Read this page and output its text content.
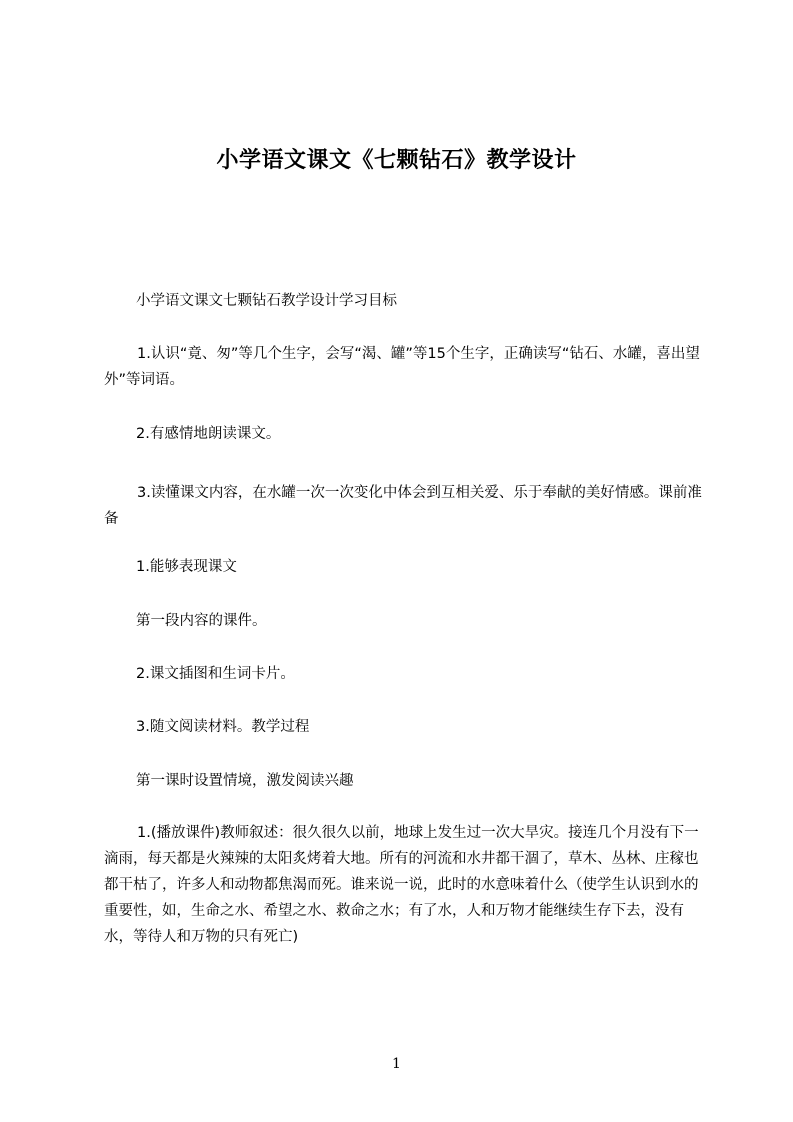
小学语文课文《七颗钻石》教学设计
小学语文课文七颗钻石教学设计学习目标
1.认识“竟、匆”等几个生字，会写“渴、罐”等15个生字，正确读写“钻石、水罐，喜出望外”等词语。
2.有感情地朗读课文。
3.读懂课文内容，在水罐一次一次变化中体会到互相关爱、乐于奉献的美好情感。课前准备
1.能够表现课文
第一段内容的课件。
2.课文插图和生词卡片。
3.随文阅读材料。教学过程
第一课时设置情境，激发阅读兴趣
1.(播放课件)教师叙述：很久很久以前，地球上发生过一次大旱灾。接连几个月没有下一滴雨，每天都是火辣辣的太阳炙烤着大地。所有的河流和水井都干涸了，草木、丛林、庄稼也都干枯了，许多人和动物都焦渴而死。谁来说一说，此时的水意味着什么（使学生认识到水的重要性，如，生命之水、希望之水、救命之水；有了水，人和万物才能继续生存下去，没有水，等待人和万物的只有死亡)
1
